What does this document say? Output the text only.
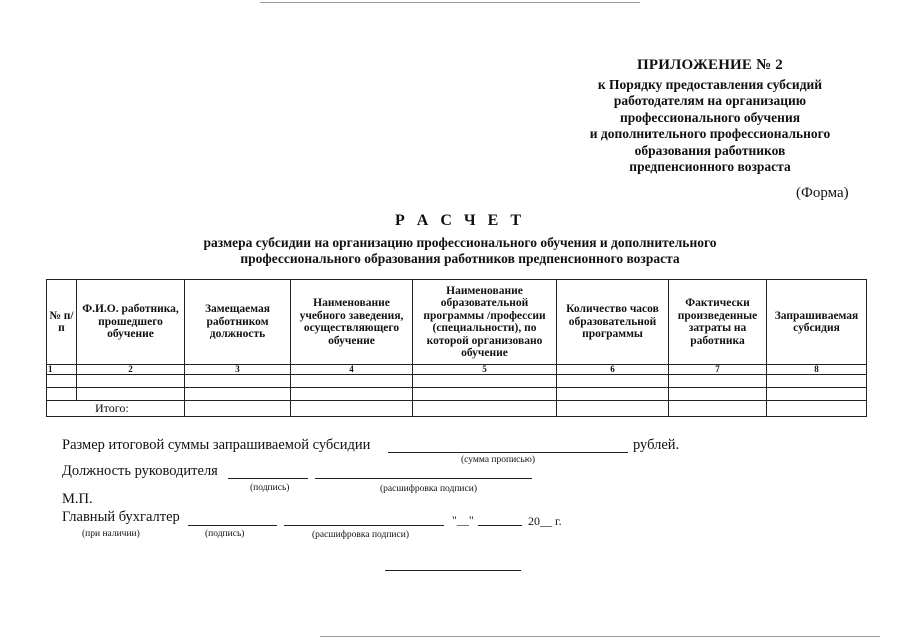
ПРИЛОЖЕНИЕ № 2
к Порядку предоставления субсидий
работодателям на организацию
профессионального обучения
и дополнительного профессионального
образования работников
предпенсионного возраста
(Форма)
Р А С Ч Е Т
размера субсидии на организацию профессионального обучения и дополнительного
профессионального образования работников предпенсионного возраста
№ п/п	Ф.И.О. работника, прошедшего обучение	Замещаемая работником должность	Наименование учебного заведения, осуществляющего обучение	Наименование образовательной программы /профессии (специальности), по которой организовано обучение	Количество часов образовательной программы	Фактически произведенные затраты на работника	Запрашиваемая субсидия
1	2	3	4	5	6	7	8

Итого:							
Размер итоговой суммы запрашиваемой субсидии	рублей.
(сумма прописью)
Должность руководителя
(подпись)	(расшифровка подписи)
М.П.
Главный бухгалтер	"__"	20__ г.
(при наличии)	(подпись)	(расшифровка подписи)
